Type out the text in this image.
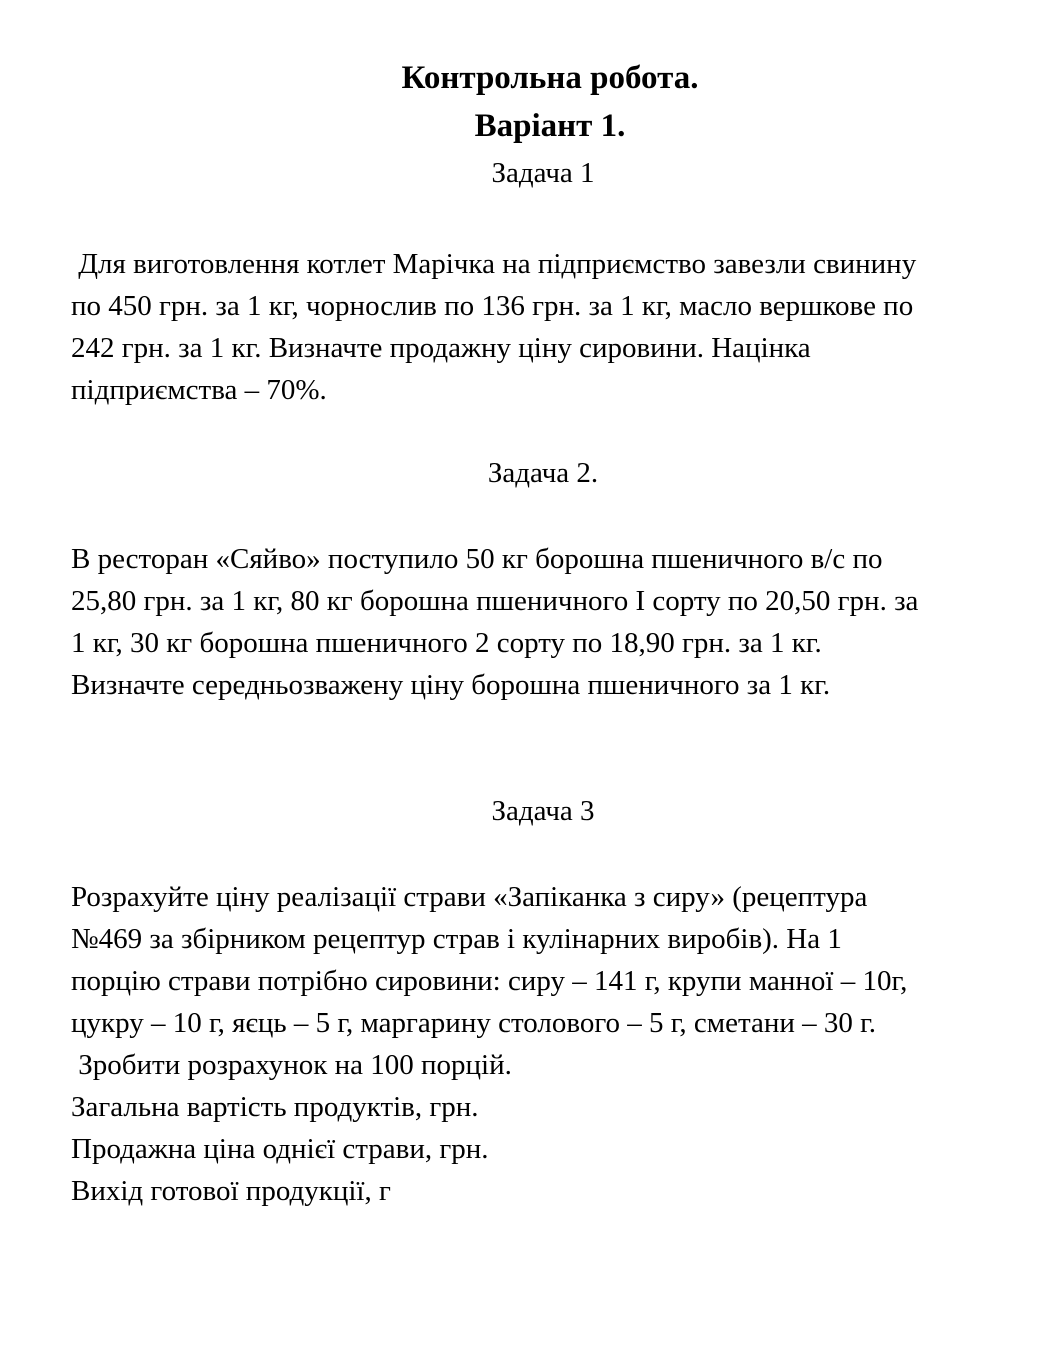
Контрольна робота.
Варіант 1.
Задача 1
Для виготовлення котлет Марічка на підприємство завезли свинину
по 450 грн. за 1 кг, чорнослив по 136 грн. за 1 кг, масло вершкове по
242 грн. за 1 кг. Визначте продажну ціну сировини. Націнка
підприємства – 70%.
Задача 2.
В ресторан «Сяйво» поступило 50 кг борошна пшеничного в/с по
25,80 грн. за 1 кг, 80 кг борошна пшеничного І сорту по 20,50 грн. за
1 кг, 30 кг борошна пшеничного 2 сорту по 18,90 грн. за 1 кг.
Визначте середньозважену ціну борошна пшеничного за 1 кг.
Задача 3
Розрахуйте ціну реалізації страви «Запіканка з сиру» (рецептура
№469 за збірником рецептур страв і кулінарних виробів). На 1
порцію страви потрібно сировини: сиру – 141 г, крупи манної – 10г,
цукру – 10 г, яєць – 5 г, маргарину столового – 5 г, сметани – 30 г.
Зробити розрахунок на 100 порцій.
Загальна вартість продуктів, грн.
Продажна ціна однієї страви, грн.
Вихід готової продукції, г
